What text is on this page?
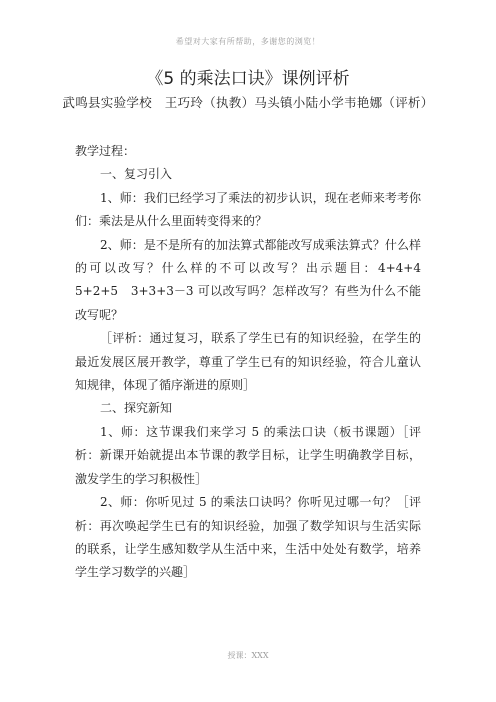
希望对大家有所帮助，多谢您的浏览！
《5 的乘法口诀》课例评析
武鸣县实验学校　王巧玲（执教）马头镇小陆小学韦艳娜（评析）

教学过程：

一、复习引入

1、师：我们已经学习了乘法的初步认识，现在老师来考考你们：乘法是从什么里面转变得来的？

2、师：是不是所有的加法算式都能改写成乘法算式？什么样的可以改写？什么样的不可以改写？出示题目：4+4+4　5+2+5　3+3+3－3 可以改写吗？怎样改写？有些为什么不能改写呢？

［评析：通过复习，联系了学生已有的知识经验，在学生的最近发展区展开教学，尊重了学生已有的知识经验，符合儿童认知规律，体现了循序渐进的原则］

二、探究新知

1、师：这节课我们来学习 5 的乘法口诀（板书课题）［评析：新课开始就提出本节课的教学目标，让学生明确教学目标，激发学生的学习积极性］

2、师：你听见过 5 的乘法口诀吗？你听见过哪一句？［评析：再次唤起学生已有的知识经验，加强了数学知识与生活实际的联系，让学生感知数学从生活中来，生活中处处有数学，培养学生学习数学的兴趣］

授课：XXX
